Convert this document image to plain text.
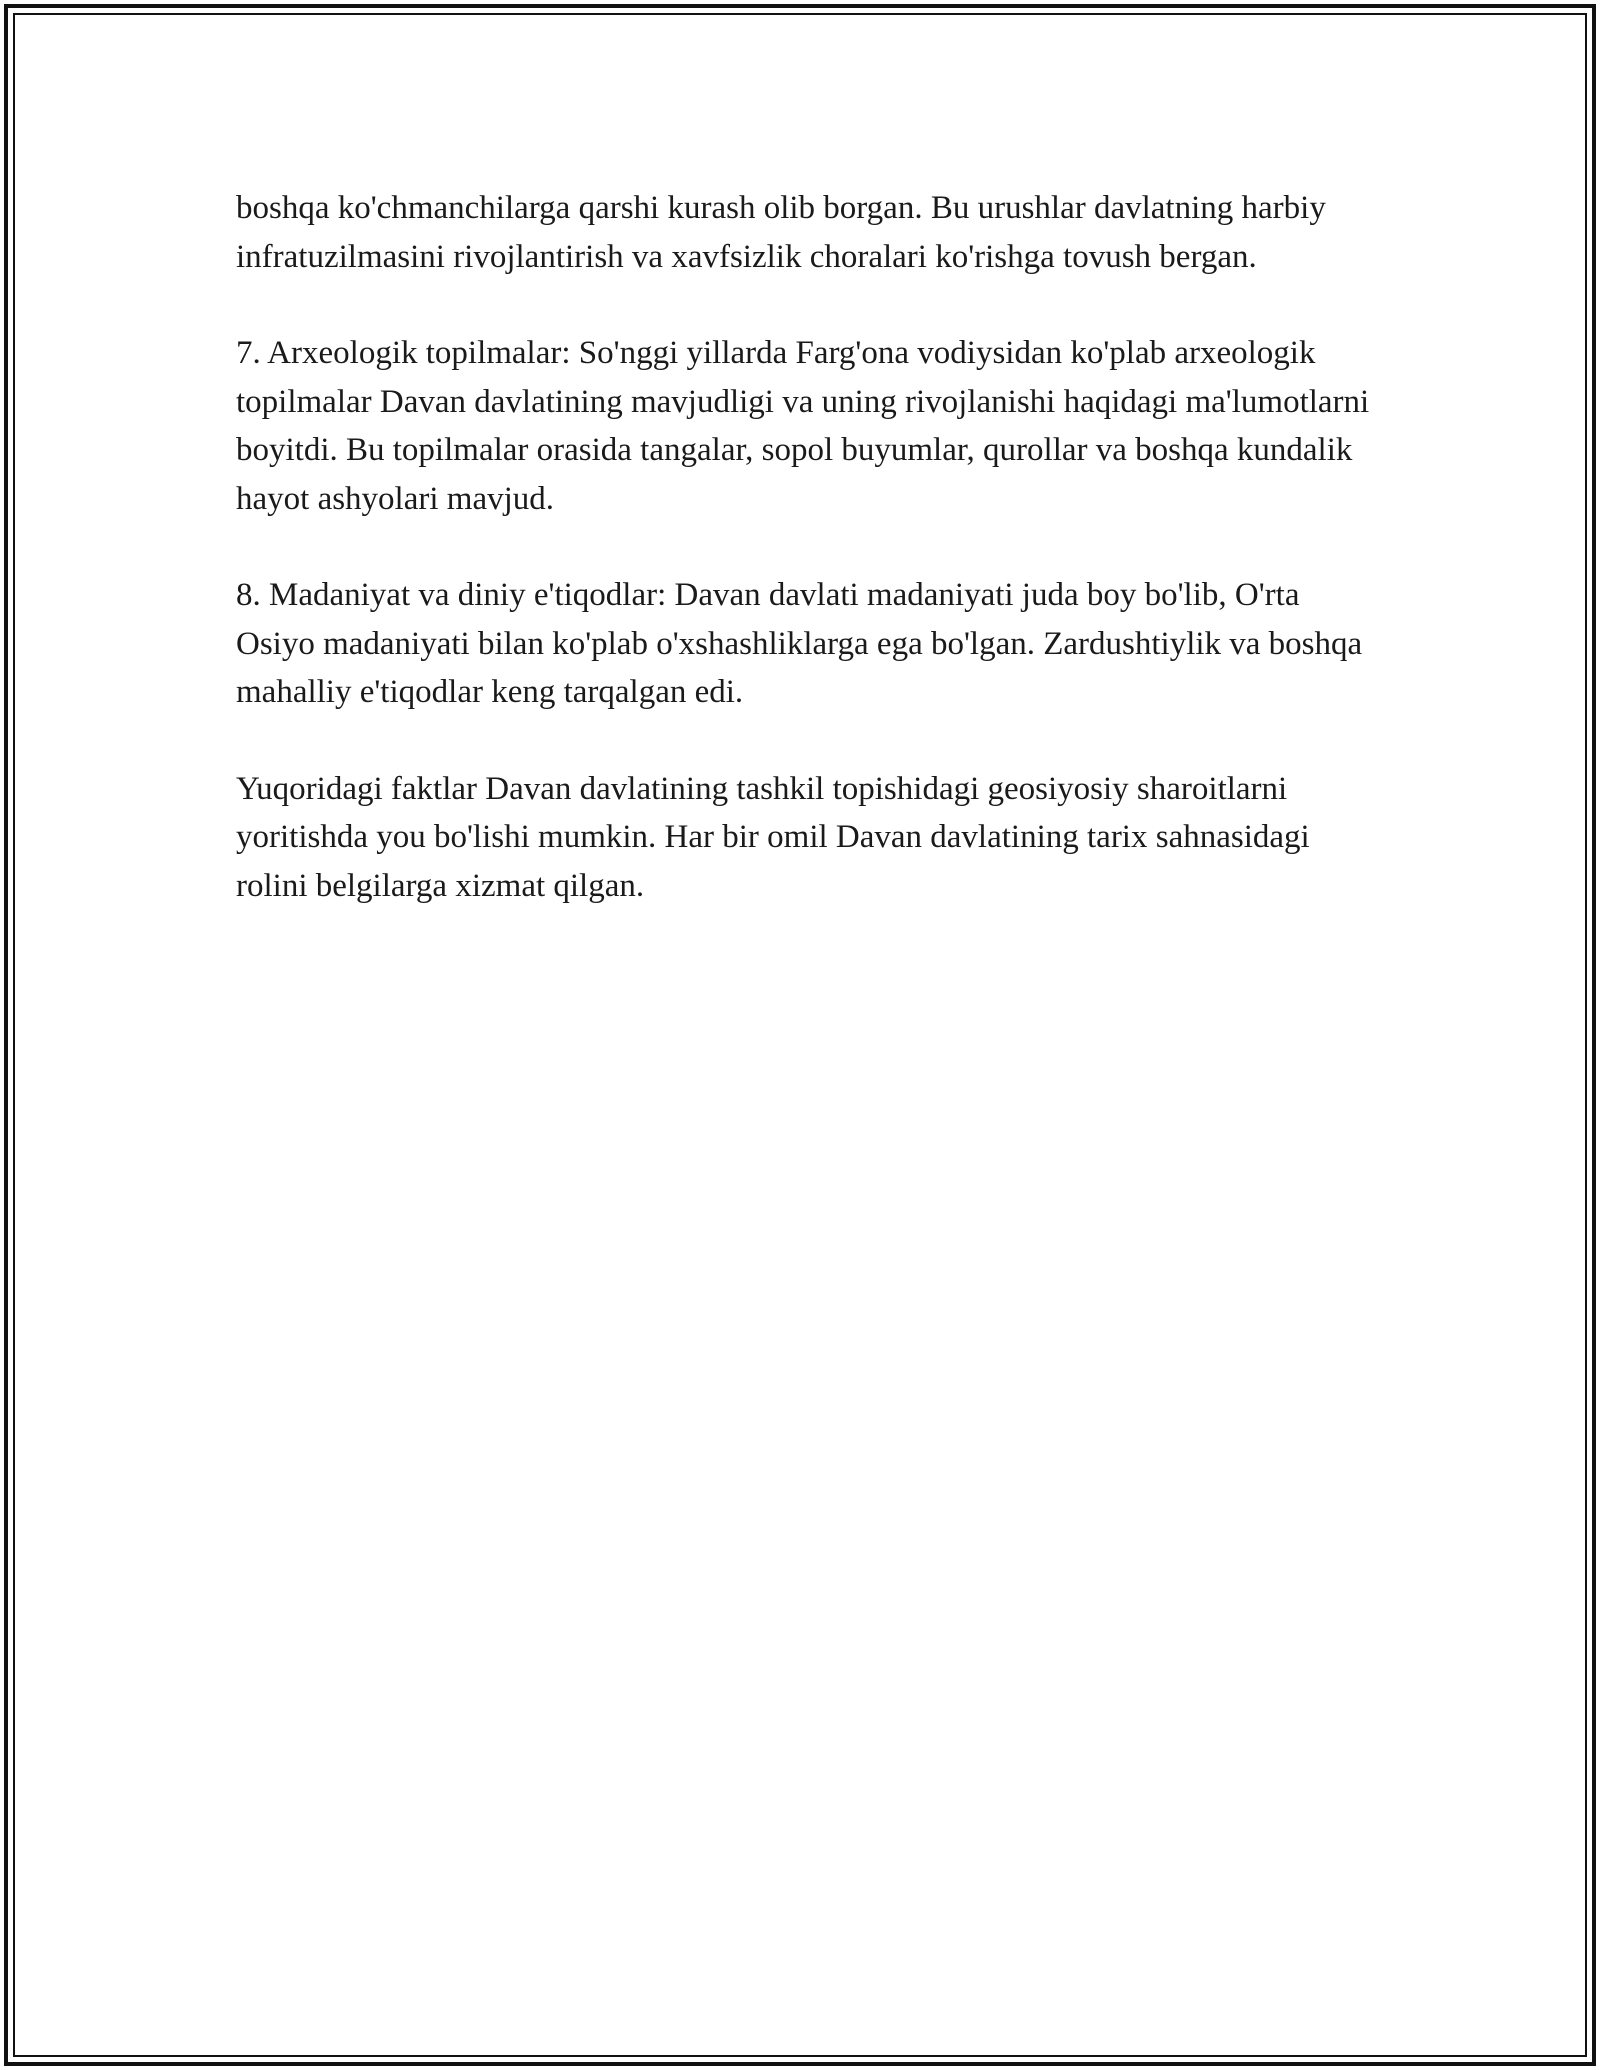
boshqa ko'chmanchilarga qarshi kurash olib borgan. Bu urushlar davlatning harbiy infratuzilmasini rivojlantirish va xavfsizlik choralari ko'rishga tovush bergan.

7. Arxeologik topilmalar: So'nggi yillarda Farg'ona vodiysidan ko'plab arxeologik topilmalar Davan davlatining mavjudligi va uning rivojlanishi haqidagi ma'lumotlarni boyitdi. Bu topilmalar orasida tangalar, sopol buyumlar, qurollar va boshqa kundalik hayot ashyolari mavjud.

8. Madaniyat va diniy e'tiqodlar: Davan davlati madaniyati juda boy bo'lib, O'rta Osiyo madaniyati bilan ko'plab o'xshashliklarga ega bo'lgan. Zardushtiylik va boshqa mahalliy e'tiqodlar keng tarqalgan edi.

Yuqoridagi faktlar Davan davlatining tashkil topishidagi geosiyosiy sharoitlarni yoritishda you bo'lishi mumkin. Har bir omil Davan davlatining tarix sahnasidagi rolini belgilarga xizmat qilgan.
